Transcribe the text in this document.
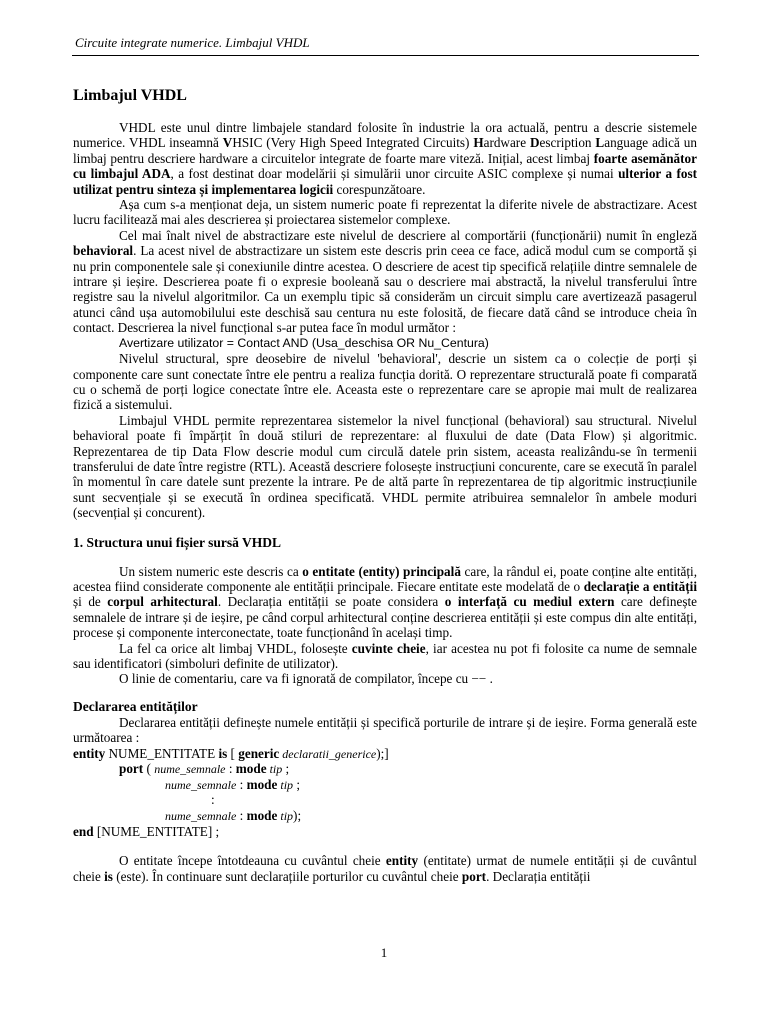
Circuite integrate numerice. Limbajul VHDL
Limbajul VHDL

VHDL este unul dintre limbajele standard folosite în industrie la ora actuală, pentru a descrie sistemele numerice. VHDL inseamnă VHSIC (Very High Speed Integrated Circuits) Hardware Description Language adică un limbaj pentru descriere hardware a circuitelor integrate de foarte mare viteză. Inițial, acest limbaj foarte asemănător cu limbajul ADA, a fost destinat doar modelării și simulării unor circuite ASIC complexe și numai ulterior a fost utilizat pentru sinteza și implementarea logicii corespunzătoare.

Așa cum s-a menționat deja, un sistem numeric poate fi reprezentat la diferite nivele de abstractizare. Acest lucru facilitează mai ales descrierea și proiectarea sistemelor complexe.

Cel mai înalt nivel de abstractizare este nivelul de descriere al comportării (funcționării) numit în engleză behavioral. La acest nivel de abstractizare un sistem este descris prin ceea ce face, adică modul cum se comportă și nu prin componentele sale și conexiunile dintre acestea. O descriere de acest tip specifică relațiile dintre semnalele de intrare și ieșire. Descrierea poate fi o expresie booleană sau o descriere mai abstractă, la nivelul transferului între registre sau la nivelul algoritmilor. Ca un exemplu tipic să considerăm un circuit simplu care avertizează pasagerul atunci când ușa automobilului este deschisă sau centura nu este folosită, de fiecare dată când se introduce cheia în contact. Descrierea la nivel funcțional s-ar putea face în modul următor :

Avertizare utilizator = Contact AND (Usa_deschisa OR Nu_Centura)

Nivelul structural, spre deosebire de nivelul 'behavioral', descrie un sistem ca o colecție de porți și componente care sunt conectate între ele pentru a realiza funcția dorită. O reprezentare structurală poate fi comparată cu o schemă de porți logice conectate între ele. Aceasta este o reprezentare care se apropie mai mult de realizarea fizică a sistemului.

Limbajul VHDL permite reprezentarea sistemelor la nivel funcțional (behavioral) sau structural. Nivelul behavioral poate fi împărțit în două stiluri de reprezentare: al fluxului de date (Data Flow) și algoritmic. Reprezentarea de tip Data Flow descrie modul cum circulă datele prin sistem, aceasta realizându-se în termenii transferului de date între registre (RTL). Această descriere folosește instrucțiuni concurente, care se execută în paralel în momentul în care datele sunt prezente la intrare. Pe de altă parte în reprezentarea de tip algoritmic instrucțiunile sunt secvențiale și se execută în ordinea specificată. VHDL permite atribuirea semnalelor în ambele moduri (secvențial și concurent).

1. Structura unui fișier sursă VHDL

Un sistem numeric este descris ca o entitate (entity) principală care, la rândul ei, poate conține alte entități, acestea fiind considerate componente ale entității principale. Fiecare entitate este modelată de o declarație a entității și de corpul arhitectural. Declarația entității se poate considera o interfață cu mediul extern care definește semnalele de intrare și de ieșire, pe când corpul arhitectural conține descrierea entității și este compus din alte entități, procese și componente interconectate, toate funcționând în același timp.

La fel ca orice alt limbaj VHDL, folosește cuvinte cheie, iar acestea nu pot fi folosite ca nume de semnale sau identificatori (simboluri definite de utilizator).

O linie de comentariu, care va fi ignorată de compilator, începe cu −− .

Declararea entităților

Declararea entității definește numele entității și specifică porturile de intrare și de ieșire. Forma generală este următoarea :

entity NUME_ENTITATE is [ generic declaratii_generice);]
port ( nume_semnale : mode tip ;
nume_semnale : mode tip ;
:
nume_semnale : mode tip);
end [NUME_ENTITATE] ;

O entitate începe întotdeauna cu cuvântul cheie entity (entitate) urmat de numele entității și de cuvântul cheie is (este). În continuare sunt declarațiile porturilor cu cuvântul cheie port. Declarația entității

1
